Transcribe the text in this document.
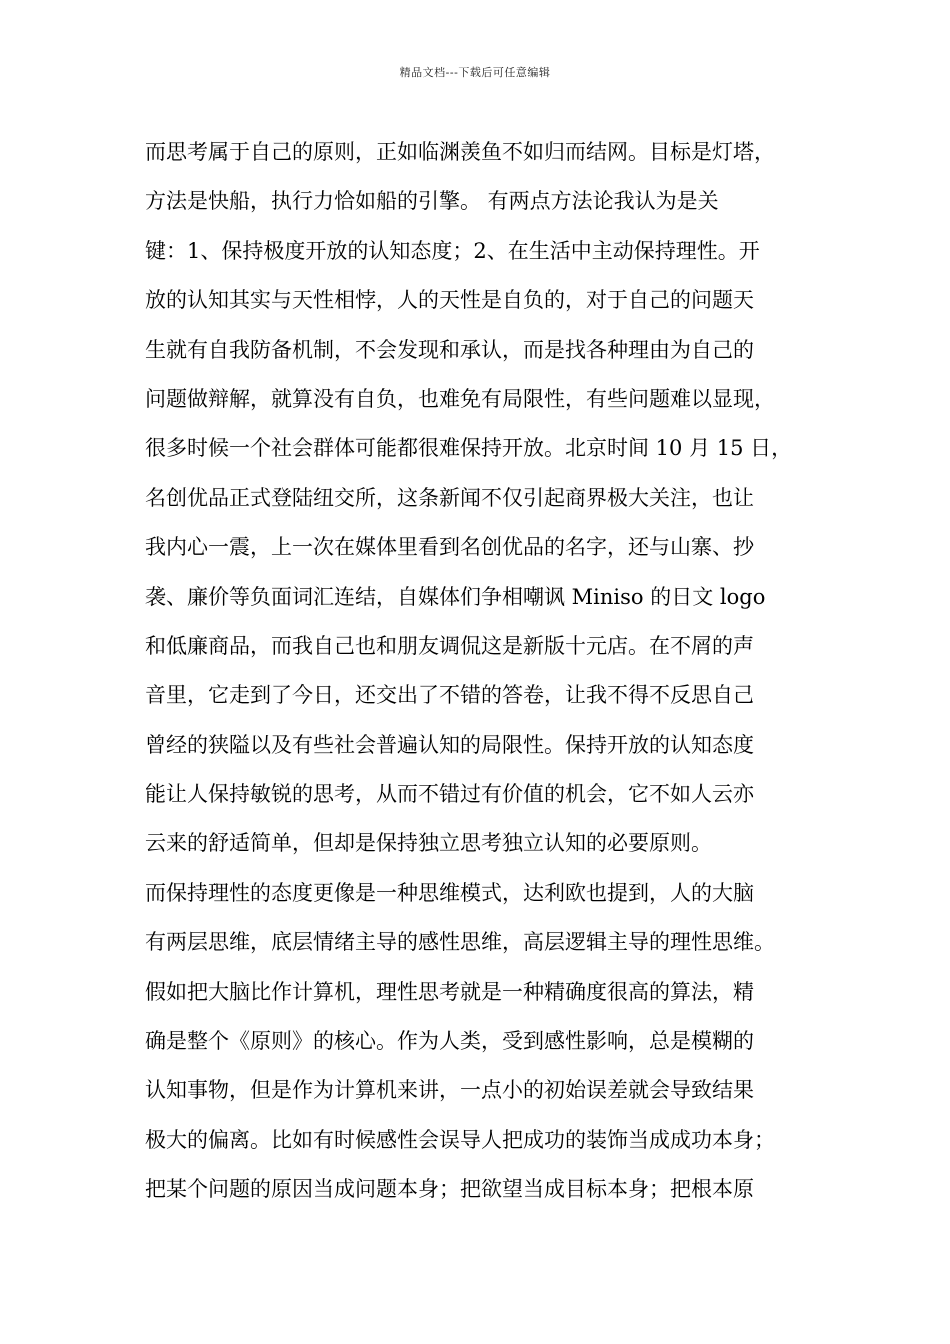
精品文档---下载后可任意编辑
而思考属于自己的原则，正如临渊羡鱼不如归而结网。目标是灯塔，
方法是快船，执行力恰如船的引擎。 有两点方法论我认为是关
键：1、保持极度开放的认知态度；2、在生活中主动保持理性。开
放的认知其实与天性相悖，人的天性是自负的，对于自己的问题天
生就有自我防备机制，不会发现和承认，而是找各种理由为自己的
问题做辩解，就算没有自负，也难免有局限性，有些问题难以显现，
很多时候一个社会群体可能都很难保持开放。北京时间 10 月 15 日，
名创优品正式登陆纽交所，这条新闻不仅引起商界极大关注，也让
我内心一震，上一次在媒体里看到名创优品的名字，还与山寨、抄
袭、廉价等负面词汇连结，自媒体们争相嘲讽 Miniso 的日文 logo
和低廉商品，而我自己也和朋友调侃这是新版十元店。在不屑的声
音里，它走到了今日，还交出了不错的答卷，让我不得不反思自己
曾经的狭隘以及有些社会普遍认知的局限性。保持开放的认知态度
能让人保持敏锐的思考，从而不错过有价值的机会，它不如人云亦
云来的舒适简单，但却是保持独立思考独立认知的必要原则。
而保持理性的态度更像是一种思维模式，达利欧也提到，人的大脑
有两层思维，底层情绪主导的感性思维，高层逻辑主导的理性思维。
假如把大脑比作计算机，理性思考就是一种精确度很高的算法，精
确是整个《原则》的核心。作为人类，受到感性影响，总是模糊的
认知事物，但是作为计算机来讲，一点小的初始误差就会导致结果
极大的偏离。比如有时候感性会误导人把成功的装饰当成成功本身；
把某个问题的原因当成问题本身；把欲望当成目标本身；把根本原
